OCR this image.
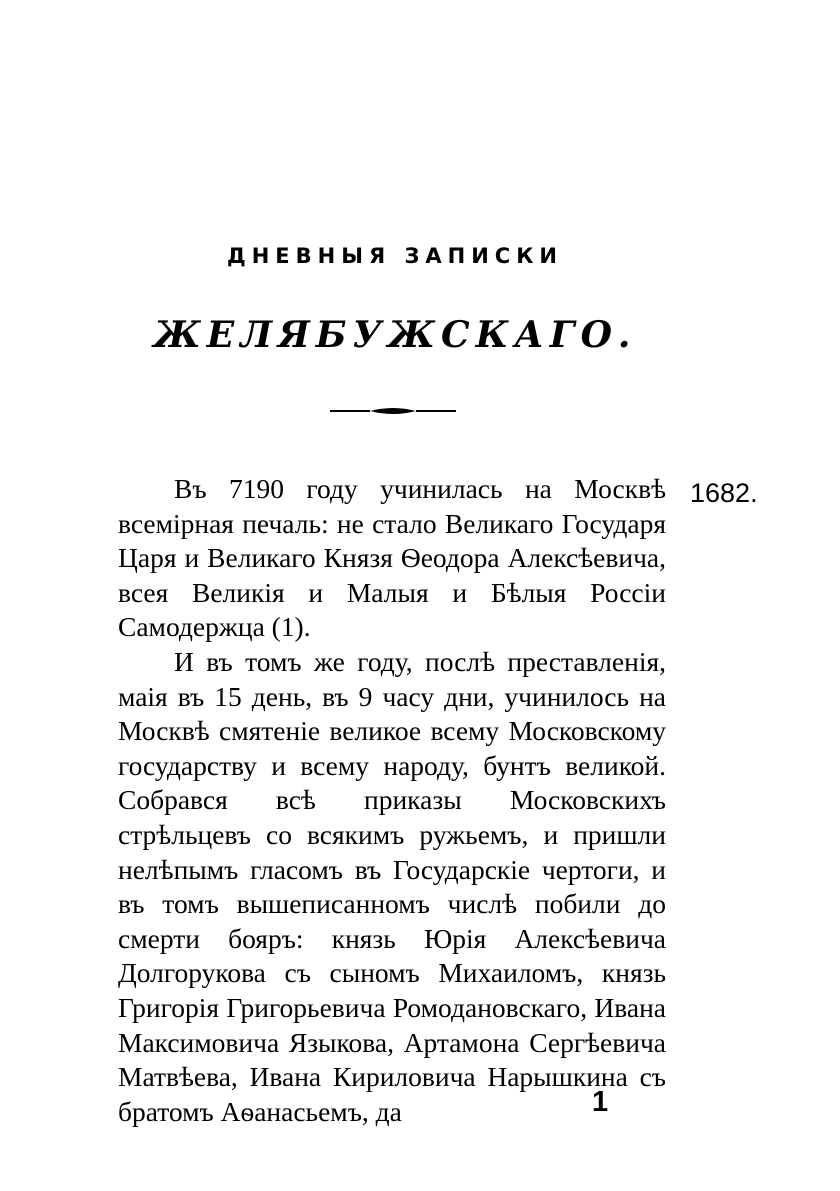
ДНЕВНЫЯ ЗАПИСКИ
ЖЕЛЯБУЖСКАГО.
1682.

Въ 7190 году учинилась на Москвѣ всемірная печаль: не стало Великаго Государя Царя и Великаго Князя Ѳеодора Алексѣевича, всея Великія и Малыя и Бѣлыя Россіи Самодержца (1).

И въ томъ же году, послѣ преставленія, маія въ 15 день, въ 9 часу дни, учинилось на Москвѣ смятеніе великое всему Московскому государству и всему народу, бунтъ великой. Собрався всѣ приказы Московскихъ стрѣльцевъ со всякимъ ружьемъ, и пришли нелѣпымъ гласомъ въ Государскіе чертоги, и въ томъ вышеписанномъ числѣ побили до смерти бояръ: князь Юрія Алексѣевича Долгорукова съ сыномъ Михаиломъ, князь Григорія Григорьевича Ромодановскаго, Ивана Максимовича Языкова, Артамона Сергѣевича Матвѣева, Ивана Кириловича Нарышкина съ братомъ Аѳанасьемъ, да	1
